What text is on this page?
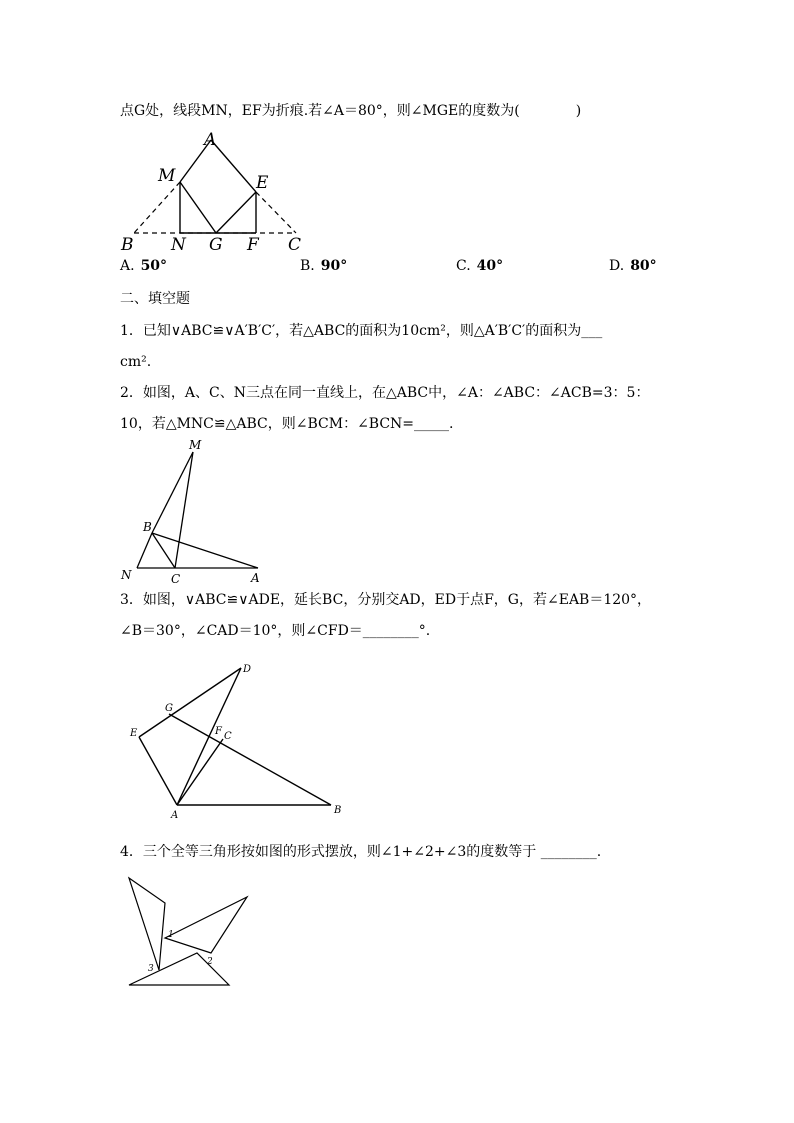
点G处，线段MN，EF为折痕.若∠A＝80°，则∠MGE的度数为(　　　　)
A
M	E
B N G F C
A. 50°	B. 90°	C. 40°	D. 80°
二、填空题
1．已知∨ABC≌∨A′B′C′，若△ABC的面积为10cm²，则△A′B′C′的面积为___
cm².
2．如图，A、C、N三点在同一直线上，在△ABC中，∠A：∠ABC：∠ACB=3：5：
10，若△MNC≌△ABC，则∠BCM：∠BCN=_____.
M
B
N	C	A
3．如图，∨ABC≌∨ADE，延长BC，分别交AD，ED于点F，G，若∠EAB＝120°，
∠B＝30°，∠CAD＝10°，则∠CFD＝________°.
D
G
E	F C
A	B
4．三个全等三角形按如图的形式摆放，则∠1+∠2+∠3的度数等于 ________.
1
2
3
